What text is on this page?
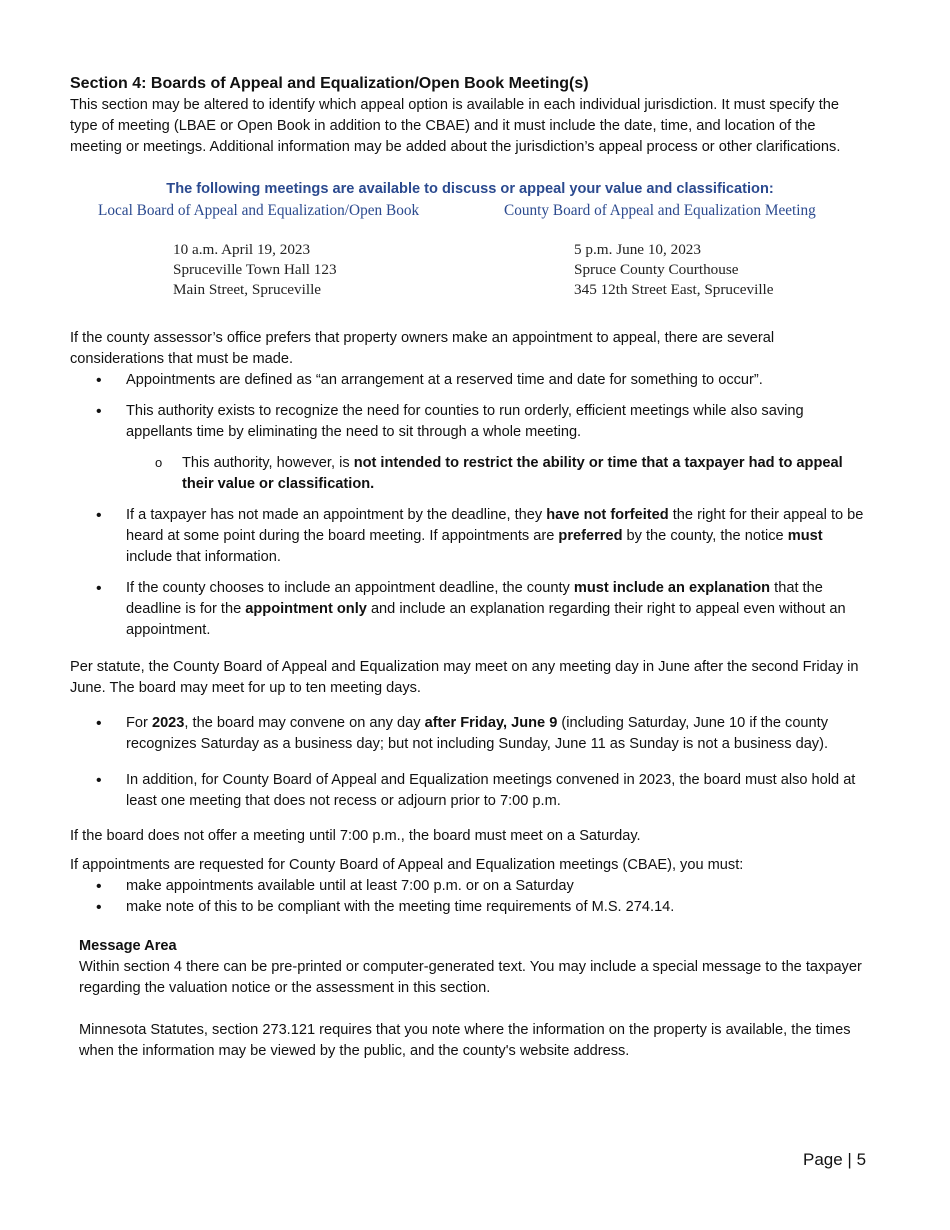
Section 4: Boards of Appeal and Equalization/Open Book Meeting(s)

This section may be altered to identify which appeal option is available in each individual jurisdiction. It must specify the type of meeting (LBAE or Open Book in addition to the CBAE) and it must include the date, time, and location of the meeting or meetings. Additional information may be added about the jurisdiction’s appeal process or other clarifications.

The following meetings are available to discuss or appeal your value and classification:
Local Board of Appeal and Equalization/Open Book	County Board of Appeal and Equalization Meeting
10 a.m. April 19, 2023
Spruceville Town Hall 123
Main Street, Spruceville
5 p.m. June 10, 2023
Spruce County Courthouse
345 12th Street East, Spruceville

If the county assessor’s office prefers that property owners make an appointment to appeal, there are several considerations that must be made.

• Appointments are defined as “an arrangement at a reserved time and date for something to occur”.
• This authority exists to recognize the need for counties to run orderly, efficient meetings while also saving appellants time by eliminating the need to sit through a whole meeting.
o This authority, however, is not intended to restrict the ability or time that a taxpayer had to appeal their value or classification.
• If a taxpayer has not made an appointment by the deadline, they have not forfeited the right for their appeal to be heard at some point during the board meeting. If appointments are preferred by the county, the notice must include that information.
• If the county chooses to include an appointment deadline, the county must include an explanation that the deadline is for the appointment only and include an explanation regarding their right to appeal even without an appointment.

Per statute, the County Board of Appeal and Equalization may meet on any meeting day in June after the second Friday in June. The board may meet for up to ten meeting days.

• For 2023, the board may convene on any day after Friday, June 9 (including Saturday, June 10 if the county recognizes Saturday as a business day; but not including Sunday, June 11 as Sunday is not a business day).
• In addition, for County Board of Appeal and Equalization meetings convened in 2023, the board must also hold at least one meeting that does not recess or adjourn prior to 7:00 p.m.

If the board does not offer a meeting until 7:00 p.m., the board must meet on a Saturday.

If appointments are requested for County Board of Appeal and Equalization meetings (CBAE), you must:

• make appointments available until at least 7:00 p.m. or on a Saturday
• make note of this to be compliant with the meeting time requirements of M.S. 274.14.

Message Area

Within section 4 there can be pre-printed or computer-generated text. You may include a special message to the taxpayer regarding the valuation notice or the assessment in this section.

Minnesota Statutes, section 273.121 requires that you note where the information on the property is available, the times when the information may be viewed by the public, and the county's website address.

Page | 5
